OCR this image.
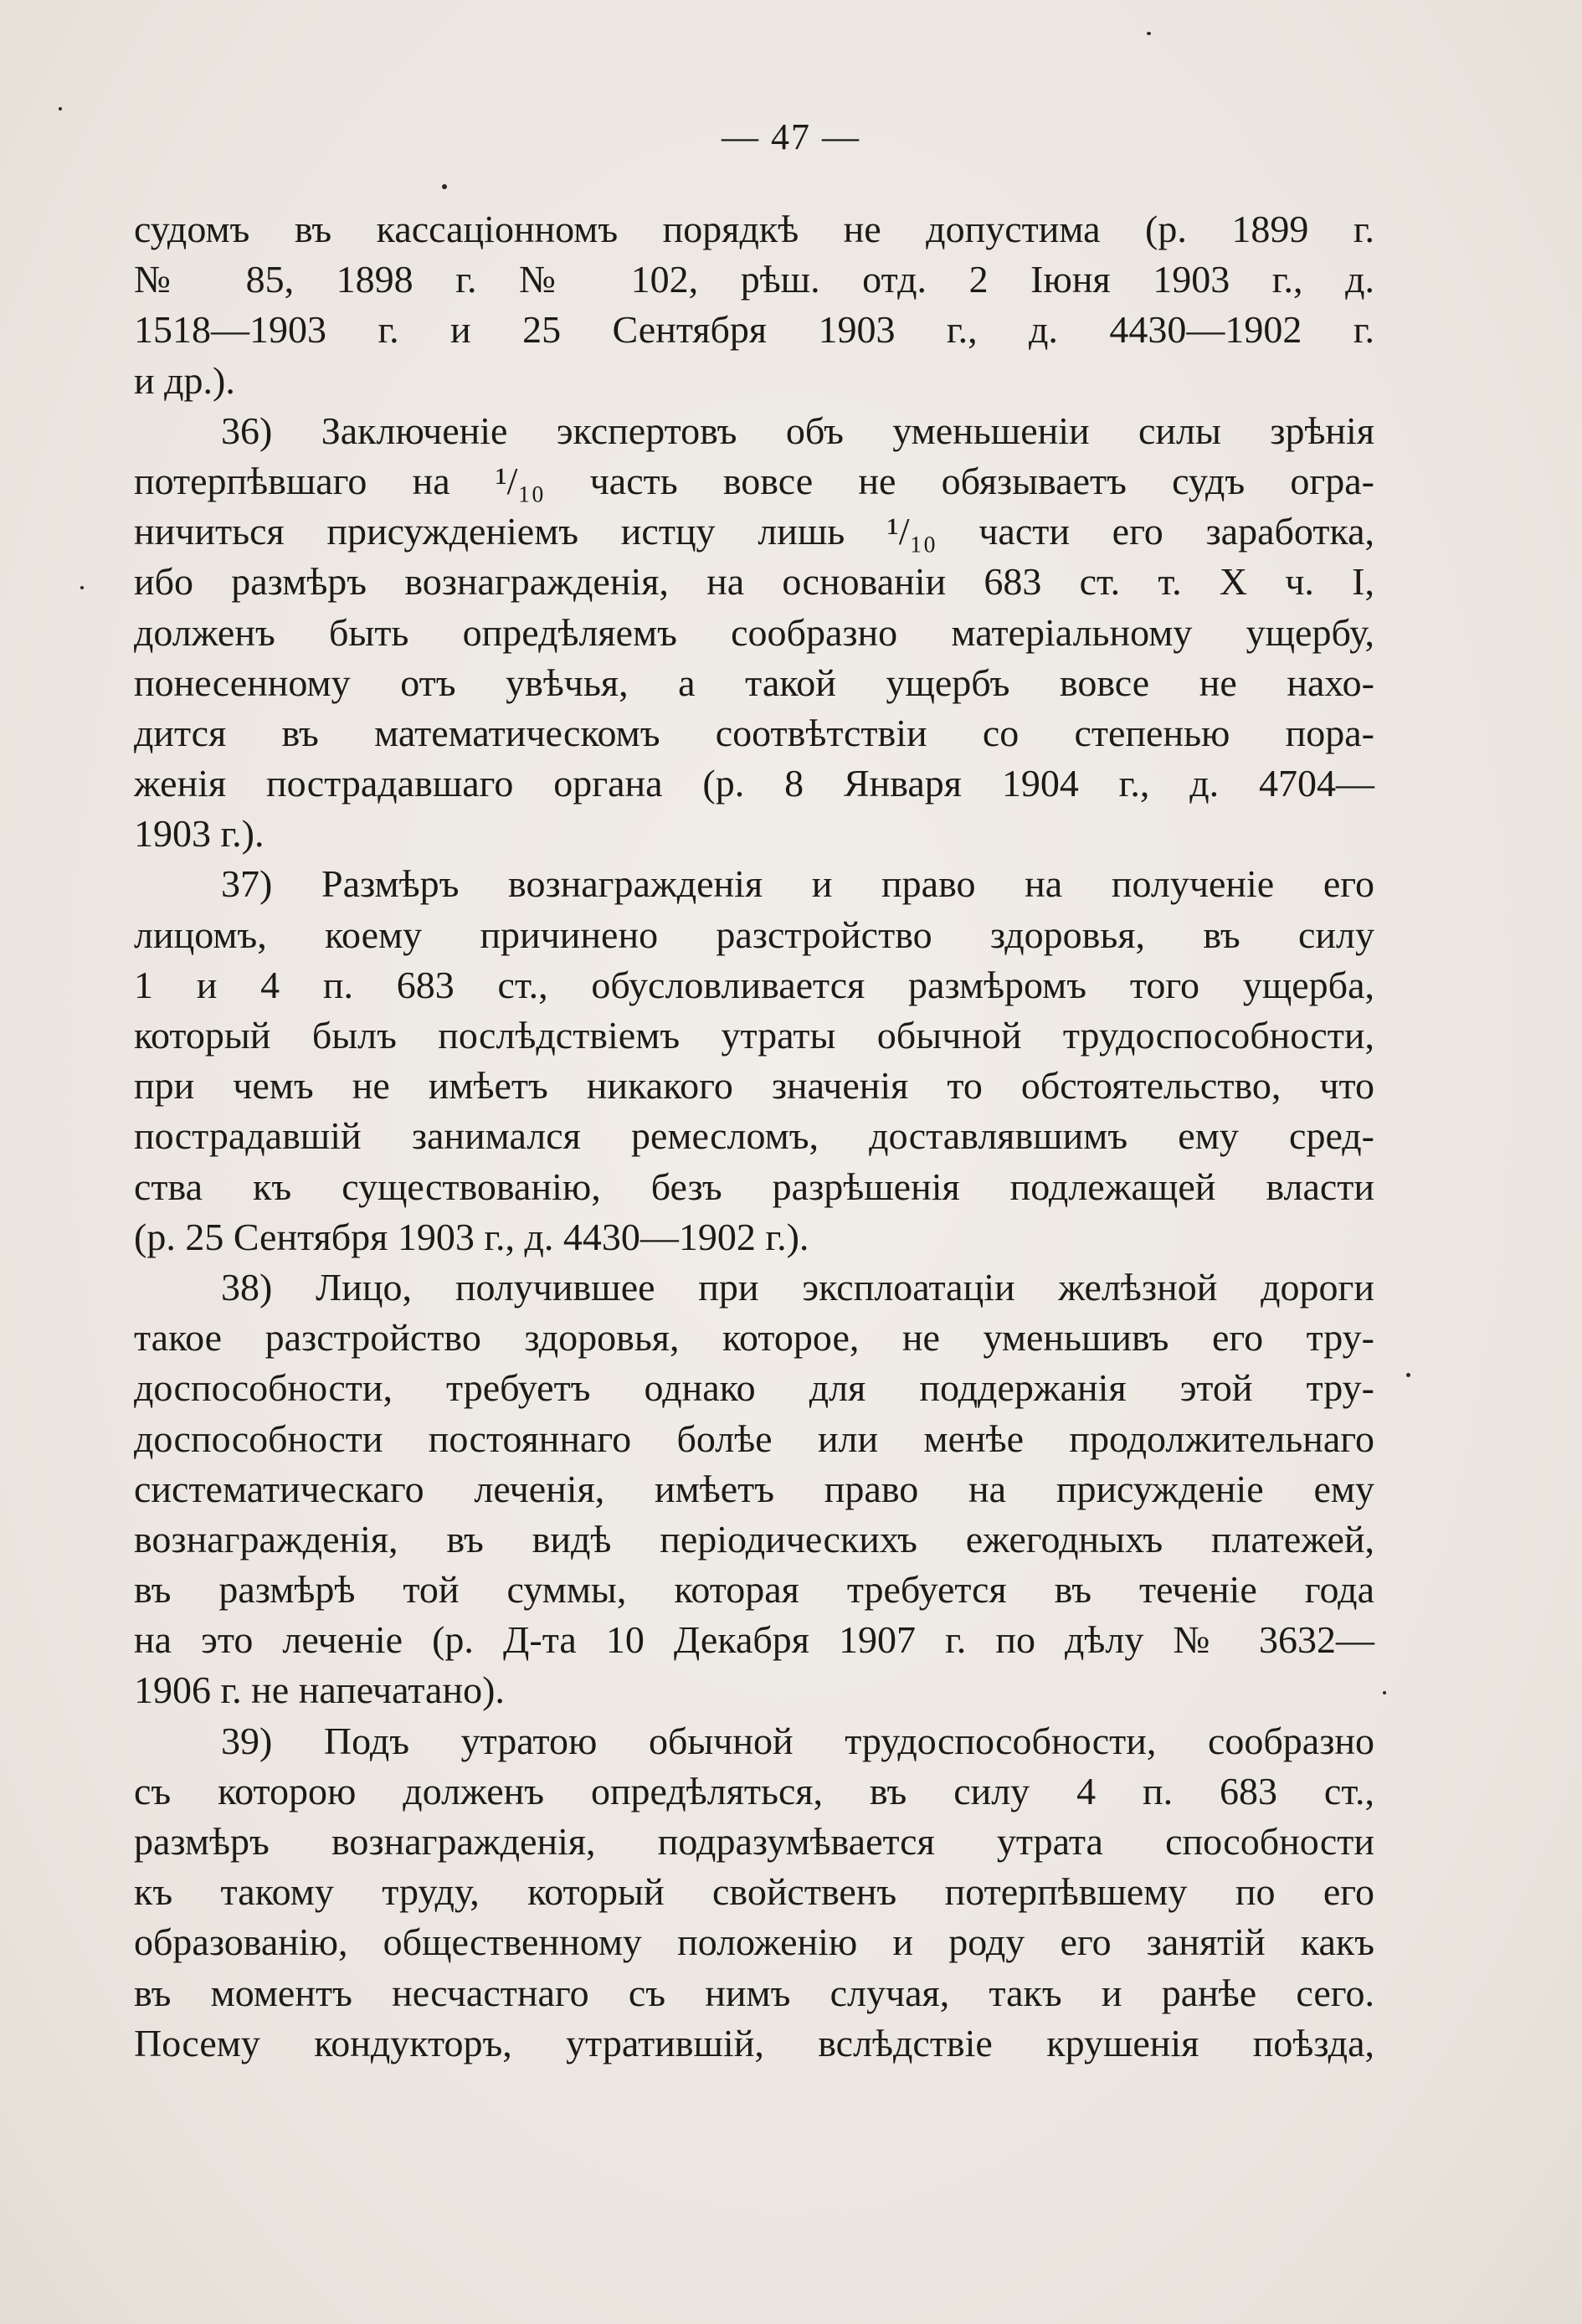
— 47 —
судомъ въ кассаціонномъ порядкѣ не допустима (р. 1899 г.
№ 85, 1898 г. № 102, рѣш. отд. 2 Іюня 1903 г., д.
1518—1903 г. и 25 Сентября 1903 г., д. 4430—1902 г.
и др.).
36) Заключеніе экспертовъ объ уменьшеніи силы зрѣнія
потерпѣвшаго на ¹/₁₀ часть вовсе не обязываетъ судъ огра-
ничиться присужденіемъ истцу лишь ¹/₁₀ части его заработка,
ибо размѣръ вознагражденія, на основаніи 683 ст. т. X ч. I,
долженъ быть опредѣляемъ сообразно матеріальному ущербу,
понесенному отъ увѣчья, а такой ущербъ вовсе не нахо-
дится въ математическомъ соотвѣтствіи со степенью пора-
женія пострадавшаго органа (р. 8 Января 1904 г., д. 4704—
1903 г.).
37) Размѣръ вознагражденія и право на полученіе его
лицомъ, коему причинено разстройство здоровья, въ силу
1 и 4 п. 683 ст., обусловливается размѣромъ того ущерба,
который былъ послѣдствіемъ утраты обычной трудоспособности,
при чемъ не имѣетъ никакого значенія то обстоятельство, что
пострадавшій занимался ремесломъ, доставлявшимъ ему сред-
ства къ существованію, безъ разрѣшенія подлежащей власти
(р. 25 Сентября 1903 г., д. 4430—1902 г.).
38) Лицо, получившее при эксплоатаціи желѣзной дороги
такое разстройство здоровья, которое, не уменьшивъ его тру-
доспособности, требуетъ однако для поддержанія этой тру-
доспособности постояннаго болѣе или менѣе продолжительнаго
систематическаго леченія, имѣетъ право на присужденіе ему
вознагражденія, въ видѣ періодическихъ ежегодныхъ платежей,
въ размѣрѣ той суммы, которая требуется въ теченіе года
на это леченіе (р. Д-та 10 Декабря 1907 г. по дѣлу № 3632—
1906 г. не напечатано).
39) Подъ утратою обычной трудоспособности, сообразно
съ которою долженъ опредѣляться, въ силу 4 п. 683 ст.,
размѣръ вознагражденія, подразумѣвается утрата способности
къ такому труду, который свойственъ потерпѣвшему по его
образованію, общественному положенію и роду его занятій какъ
въ моментъ несчастнаго съ нимъ случая, такъ и ранѣе сего.
Посему кондукторъ, утратившій, вслѣдствіе крушенія поѣзда,
